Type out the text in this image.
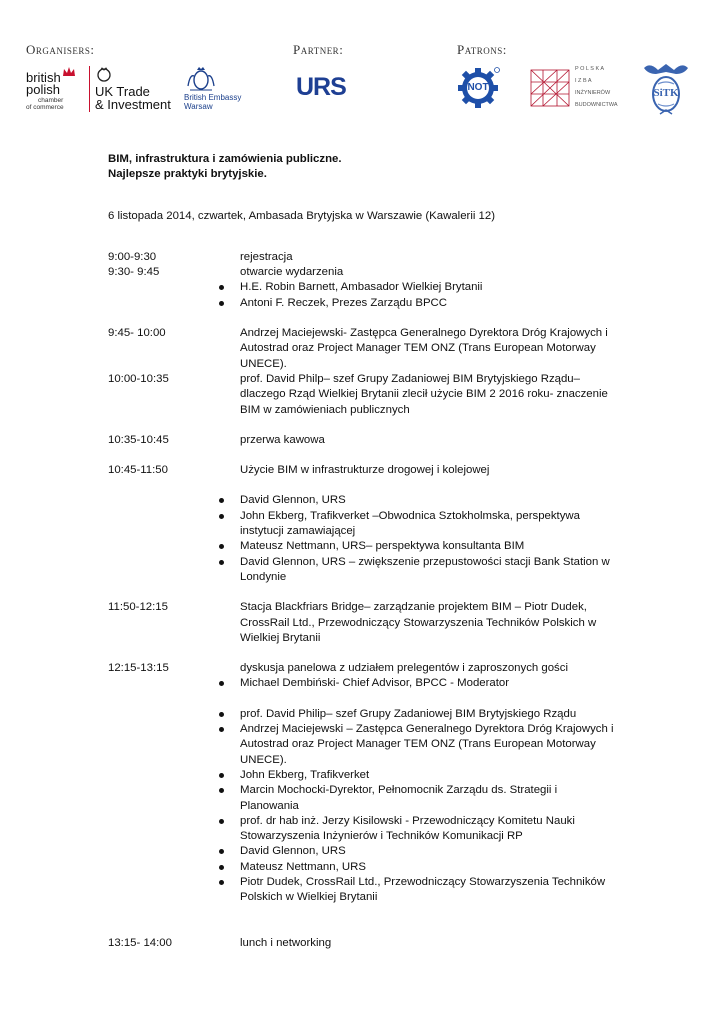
Organisers:	Partner:	Patrons:
british
polish
chamber
of commerce
UK Trade
& Investment British Embassy
Warsaw
URS	NOT
P O L S K A
I Z B A
INŻYNIERÓW
BUDOWNICTWA
SiTK
BIM, infrastruktura i zamówienia publiczne.
Najlepsze praktyki brytyjskie.
6 listopada 2014, czwartek, Ambasada Brytyjska w Warszawie (Kawalerii 12)
9:00-9:30	rejestracja
9:30- 9:45	otwarcie wydarzenia
H.E. Robin Barnett, Ambasador Wielkiej Brytanii
Antoni F. Reczek, Prezes Zarządu BPCC
9:45- 10:00	Andrzej Maciejewski- Zastępca Generalnego Dyrektora Dróg Krajowych i Autostrad oraz Project Manager TEM ONZ (Trans European Motorway UNECE).
10:00-10:35	prof. David Philp– szef Grupy Zadaniowej BIM Brytyjskiego Rządu– dlaczego Rząd Wielkiej Brytanii zlecił użycie BIM 2 2016 roku- znaczenie BIM w zamówieniach publicznych
10:35-10:45	przerwa kawowa
10:45-11:50	Użycie BIM w infrastrukturze drogowej i kolejowej
David Glennon, URS
John Ekberg, Trafikverket –Obwodnica Sztokholmska, perspektywa instytucji zamawiającej
Mateusz Nettmann, URS– perspektywa konsultanta BIM
David Glennon, URS – zwiększenie przepustowości stacji Bank Station w Londynie
11:50-12:15	Stacja Blackfriars Bridge– zarządzanie projektem BIM – Piotr Dudek, CrossRail Ltd., Przewodniczący Stowarzyszenia Techników Polskich w Wielkiej Brytanii
12:15-13:15	dyskusja panelowa z udziałem prelegentów i zaproszonych gości
Michael Dembiński- Chief Advisor, BPCC - Moderator
prof. David Philip– szef Grupy Zadaniowej BIM Brytyjskiego Rządu
Andrzej Maciejewski – Zastępca Generalnego Dyrektora Dróg Krajowych i Autostrad oraz Project Manager TEM ONZ (Trans European Motorway UNECE).
John Ekberg, Trafikverket
Marcin Mochocki-Dyrektor, Pełnomocnik Zarządu ds. Strategii i Planowania
prof. dr hab inż. Jerzy Kisilowski - Przewodniczący Komitetu Nauki Stowarzyszenia Inżynierów i Techników Komunikacji RP
David Glennon, URS
Mateusz Nettmann, URS
Piotr Dudek, CrossRail Ltd., Przewodniczący Stowarzyszenia Techników Polskich w Wielkiej Brytanii
13:15- 14:00	lunch i networking
